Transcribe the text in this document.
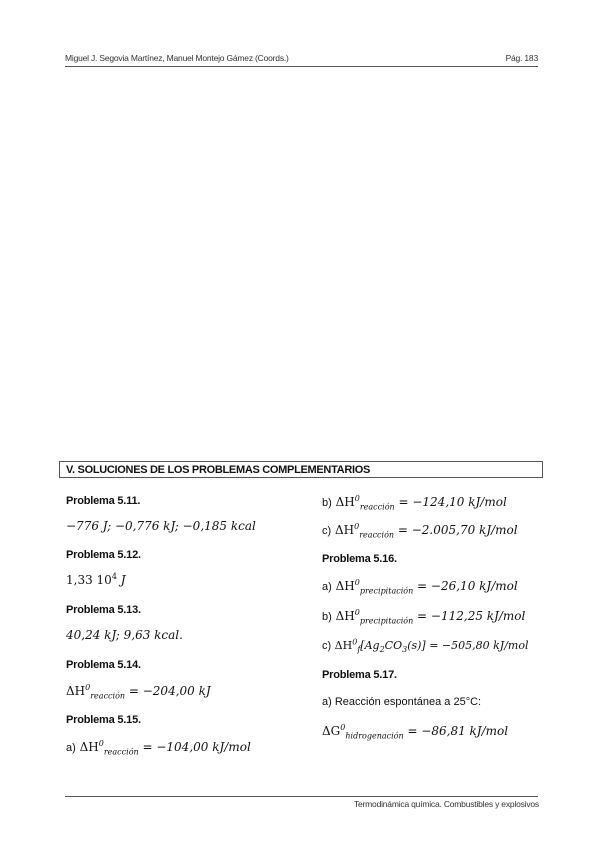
Miguel J. Segovia Martínez, Manuel Montejo Gámez (Coords.)	Pág. 183
V. SOLUCIONES DE LOS PROBLEMAS COMPLEMENTARIOS
Problema 5.11.
−776 J; −0,776 kJ; −0,185 kcal
Problema 5.12.
1,33 $10^4$ J
Problema 5.13.
40,24 kJ; 9,63 kcal.
Problema 5.14.
$\Delta H^0_{reacción} = -204,00$ kJ
Problema 5.15.
a) $\Delta H^0_{reacción} = -104,00$ kJ/mol
b) $\Delta H^0_{reacción} = -124,10$ kJ/mol
c) $\Delta H^0_{reacción} = -2.005,70$ kJ/mol
Problema 5.16.
a) $\Delta H^0_{precipitación} = -26,10$ kJ/mol
b) $\Delta H^0_{precipitación} = -112,25$ kJ/mol
c) $\Delta H^0_f[Ag_2CO_3(s)] = -505,80$ kJ/mol
Problema 5.17.
a) Reacción espontánea a 25°C:
$\Delta G^0_{hidrogenación} = -86,81$ kJ/mol
Termodinámica química. Combustibles y explosivos
